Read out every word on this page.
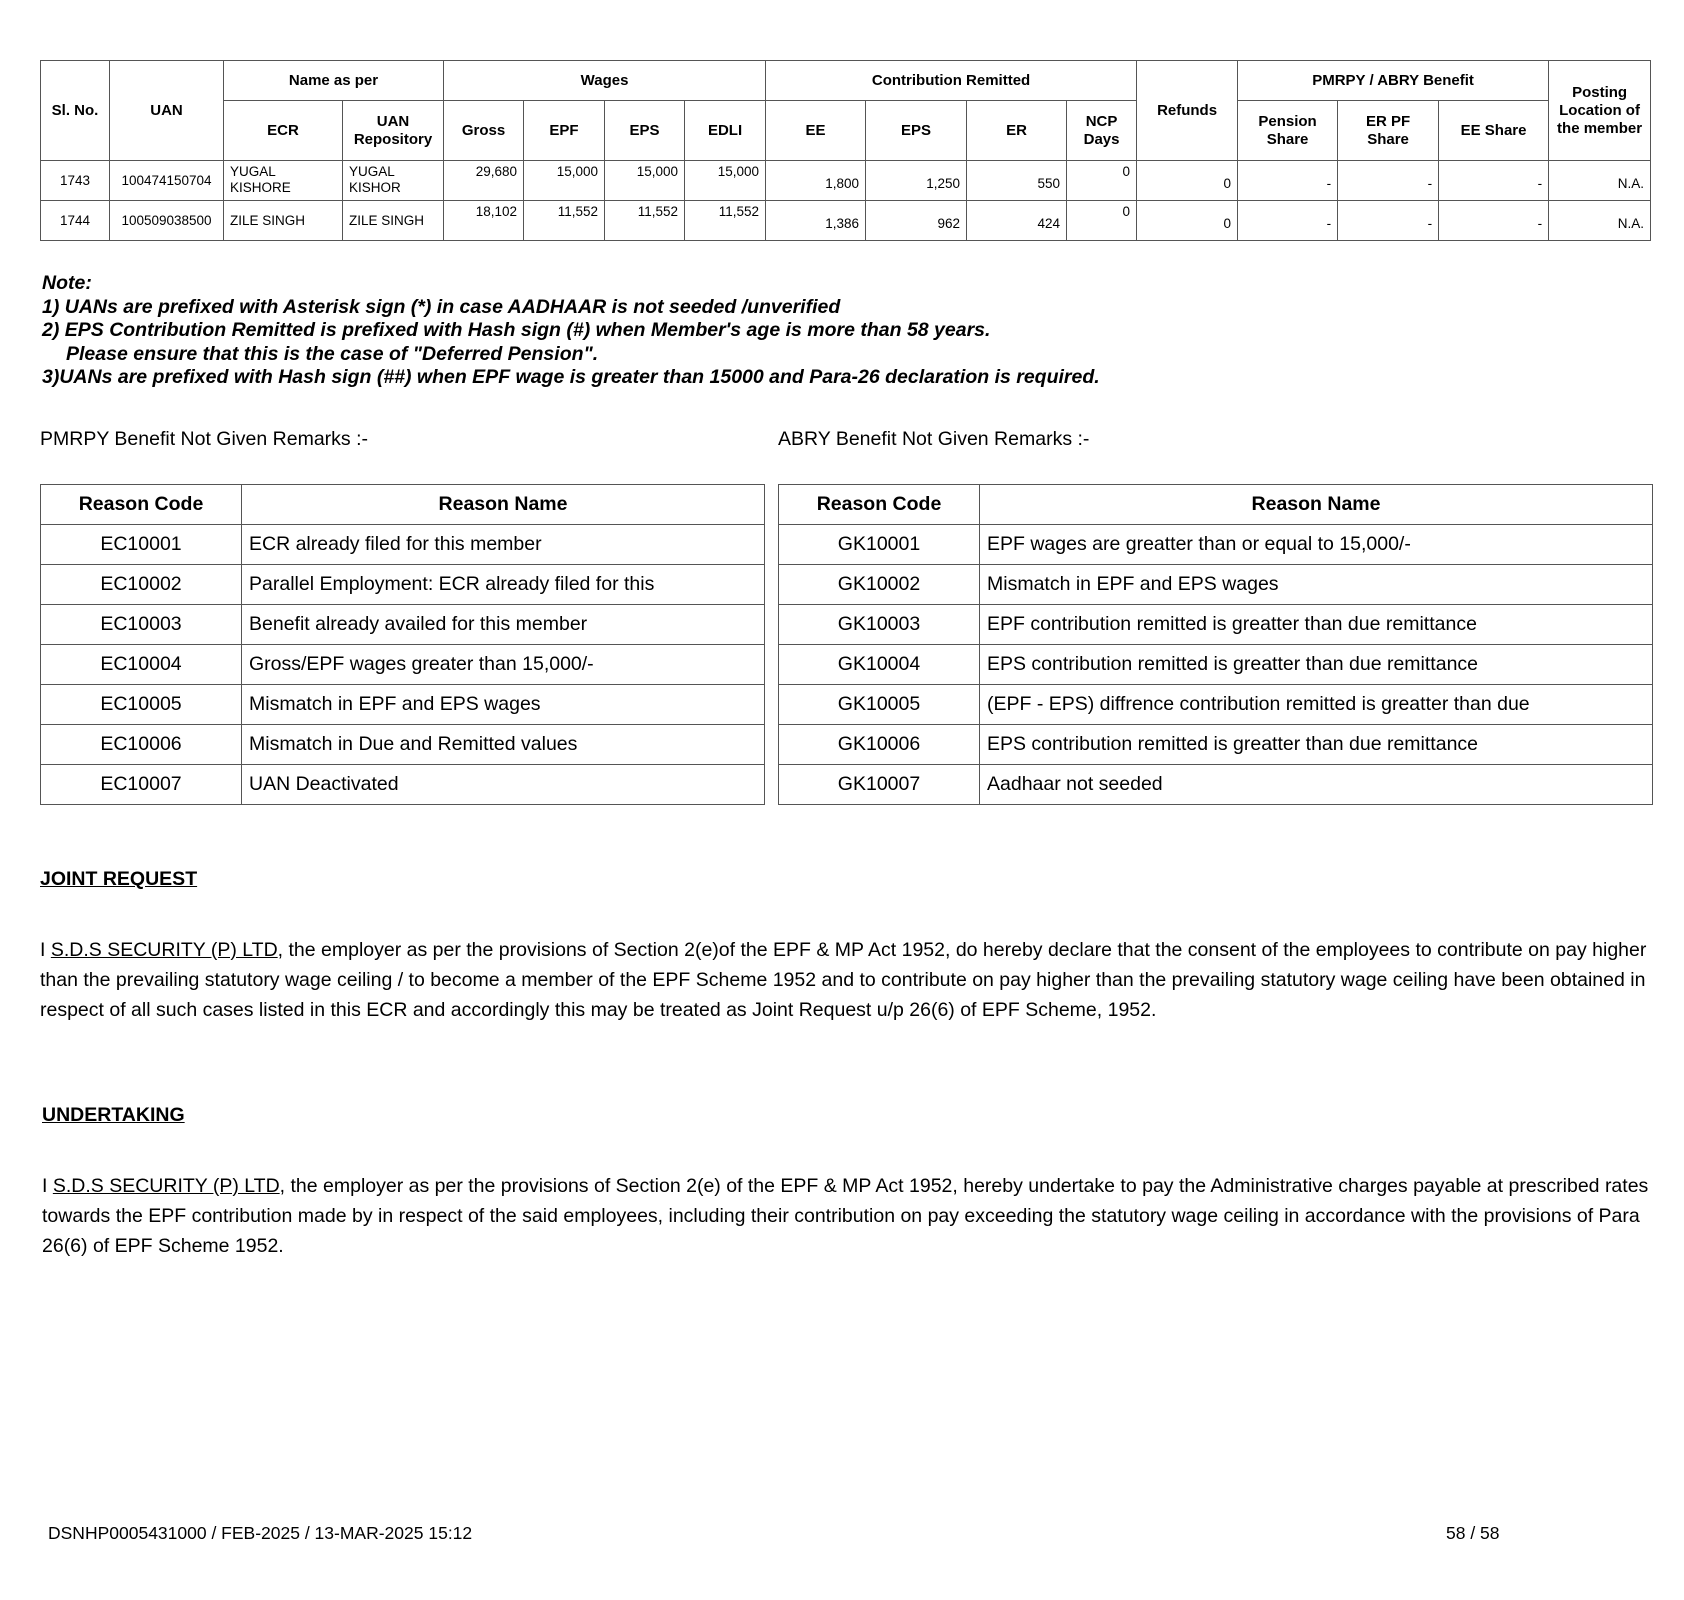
Sl. No.	UAN	Name as per		Wages				Contribution Remitted				Refunds	PMRPY / ABRY Benefit			Posting Location of the member
		ECR	UAN Repository	Gross	EPF	EPS	EDLI	EE	EPS	ER	NCP Days		Pension Share	ER PF Share	EE Share	
1743	100474150704	YUGAL KISHORE	YUGAL KISHOR	29,680	15,000	15,000	15,000	1,800	1,250	550	0	0	-	-	-	N.A.
1744	100509038500	ZILE SINGH	ZILE SINGH	18,102	11,552	11,552	11,552	1,386	962	424	0	0	-	-	-	N.A.
Note:
1) UANs are prefixed with Asterisk sign (*) in case AADHAAR is not seeded /unverified
2) EPS Contribution Remitted is prefixed with Hash sign (#) when Member's age is more than 58 years.
Please ensure that this is the case of "Deferred Pension".
3)UANs are prefixed with Hash sign (##) when EPF wage is greater than 15000 and Para-26 declaration is required.
PMRPY Benefit Not Given Remarks :-	ABRY Benefit Not Given Remarks :-
Reason Code	Reason Name
EC10001	ECR already filed for this member
EC10002	Parallel Employment: ECR already filed for this
EC10003	Benefit already availed for this member
EC10004	Gross/EPF wages greater than 15,000/-
EC10005	Mismatch in EPF and EPS wages
EC10006	Mismatch in Due and Remitted values
EC10007	UAN Deactivated
Reason Code	Reason Name
GK10001	EPF wages are greatter than or equal to 15,000/-
GK10002	Mismatch in EPF and EPS wages
GK10003	EPF contribution remitted is greatter than due remittance
GK10004	EPS contribution remitted is greatter than due remittance
GK10005	(EPF - EPS) diffrence contribution remitted is greatter than due
GK10006	EPS contribution remitted is greatter than due remittance
GK10007	Aadhaar not seeded
JOINT REQUEST
I S.D.S SECURITY (P) LTD, the employer as per the provisions of Section 2(e)of the EPF & MP Act 1952, do hereby declare that the consent of the employees to contribute on pay higher than the prevailing statutory wage ceiling / to become a member of the EPF Scheme 1952 and to contribute on pay higher than the prevailing statutory wage ceiling have been obtained in respect of all such cases listed in this ECR and accordingly this may be treated as Joint Request u/p 26(6) of EPF Scheme, 1952.
UNDERTAKING
I S.D.S SECURITY (P) LTD, the employer as per the provisions of Section 2(e) of the EPF & MP Act 1952, hereby undertake to pay the Administrative charges payable at prescribed rates towards the EPF contribution made by in respect of the said employees, including their contribution on pay exceeding the statutory wage ceiling in accordance with the provisions of Para 26(6) of EPF Scheme 1952.
DSNHP0005431000 / FEB-2025 / 13-MAR-2025 15:12	58 / 58
